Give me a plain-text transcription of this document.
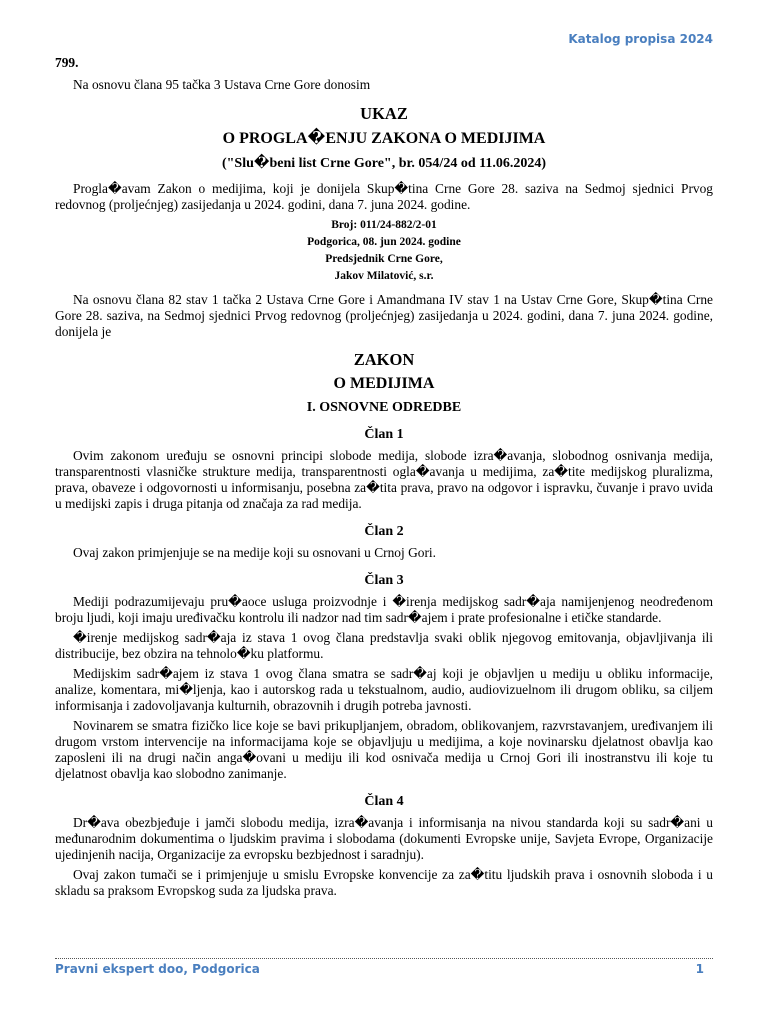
Katalog propisa 2024
799.

Na osnovu člana 95 tačka 3 Ustava Crne Gore donosim

UKAZ
O PROGLA�ENJU ZAKONA O MEDIJIMA
("Slu�beni list Crne Gore", br. 054/24 od 11.06.2024)

Progla�avam Zakon o medijima, koji je donijela Skup�tina Crne Gore 28. saziva na Sedmoj sjednici Prvog redovnog (proljećnjeg) zasijedanja u 2024. godini, dana 7. juna 2024. godine.

Broj: 011/24-882/2-01
Podgorica, 08. jun 2024. godine
Predsjednik Crne Gore,
Jakov Milatović, s.r.

Na osnovu člana 82 stav 1 tačka 2 Ustava Crne Gore i Amandmana IV stav 1 na Ustav Crne Gore, Skup�tina Crne Gore 28. saziva, na Sedmoj sjednici Prvog redovnog (proljećnjeg) zasijedanja u 2024. godini, dana 7. juna 2024. godine, donijela je

ZAKON
O MEDIJIMA
I. OSNOVNE ODREDBE
Član 1

Ovim zakonom uređuju se osnovni principi slobode medija, slobode izra�avanja, slobodnog osnivanja medija, transparentnosti vlasničke strukture medija, transparentnosti ogla�avanja u medijima, za�tite medijskog pluralizma, prava, obaveze i odgovornosti u informisanju, posebna za�tita prava, pravo na odgovor i ispravku, čuvanje i pravo uvida u medijski zapis i druga pitanja od značaja za rad medija.

Član 2

Ovaj zakon primjenjuje se na medije koji su osnovani u Crnoj Gori.

Član 3

Mediji podrazumijevaju pru�aoce usluga proizvodnje i �irenja medijskog sadr�aja namijenjenog neodređenom broju ljudi, koji imaju uređivačku kontrolu ili nadzor nad tim sadr�ajem i prate profesionalne i etičke standarde.

�irenje medijskog sadr�aja iz stava 1 ovog člana predstavlja svaki oblik njegovog emitovanja, objavljivanja ili distribucije, bez obzira na tehnolo�ku platformu.

Medijskim sadr�ajem iz stava 1 ovog člana smatra se sadr�aj koji je objavljen u mediju u obliku informacije, analize, komentara, mi�ljenja, kao i autorskog rada u tekstualnom, audio, audiovizuelnom ili drugom obliku, sa ciljem informisanja i zadovoljavanja kulturnih, obrazovnih i drugih potreba javnosti.

Novinarem se smatra fizičko lice koje se bavi prikupljanjem, obradom, oblikovanjem, razvrstavanjem, uređivanjem ili drugom vrstom intervencije na informacijama koje se objavljuju u medijima, a koje novinarsku djelatnost obavlja kao zaposleni ili na drugi način anga�ovani u mediju ili kod osnivača medija u Crnoj Gori ili inostranstvu ili koje tu djelatnost obavlja kao slobodno zanimanje.

Član 4

Dr�ava obezbjeđuje i jamči slobodu medija, izra�avanja i informisanja na nivou standarda koji su sadr�ani u međunarodnim dokumentima o ljudskim pravima i slobodama (dokumenti Evropske unije, Savjeta Evrope, Organizacije ujedinjenih nacija, Organizacije za evropsku bezbjednost i saradnju).

Ovaj zakon tumači se i primjenjuje u smislu Evropske konvencije za za�titu ljudskih prava i osnovnih sloboda i u skladu sa praksom Evropskog suda za ljudska prava.

Pravni ekspert doo, Podgorica	1
